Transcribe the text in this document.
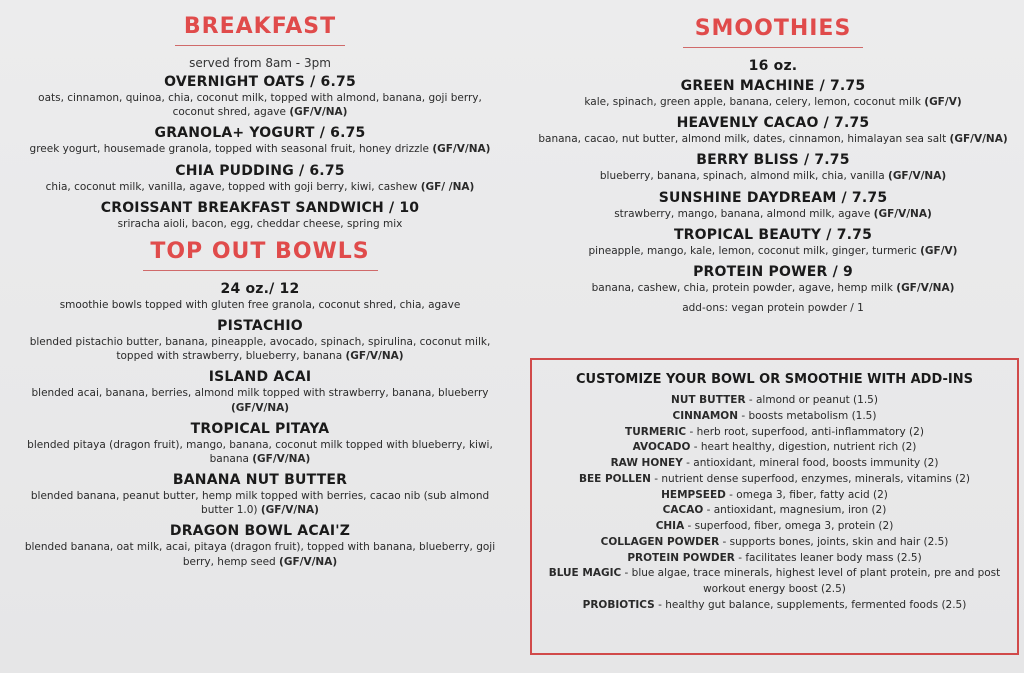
BREAKFAST
served from 8am - 3pm
OVERNIGHT OATS / 6.75
oats, cinnamon, quinoa, chia, coconut milk, topped with almond, banana, goji berry, coconut shred, agave (GF/V/NA)
GRANOLA+ YOGURT / 6.75
greek yogurt, housemade granola, topped with seasonal fruit, honey drizzle (GF/V/NA)
CHIA PUDDING / 6.75
chia, coconut milk, vanilla, agave, topped with goji berry, kiwi, cashew (GF/ /NA)
CROISSANT BREAKFAST SANDWICH / 10
sriracha aioli, bacon, egg, cheddar cheese, spring mix
TOP OUT BOWLS
24 oz./ 12
smoothie bowls topped with gluten free granola, coconut shred, chia, agave
PISTACHIO
blended pistachio butter, banana, pineapple, avocado, spinach, spirulina, coconut milk, topped with strawberry, blueberry, banana (GF/V/NA)
ISLAND ACAI
blended acai, banana, berries, almond milk topped with strawberry, banana, blueberry (GF/V/NA)
TROPICAL PITAYA
blended pitaya (dragon fruit), mango, banana, coconut milk topped with blueberry, kiwi, banana (GF/V/NA)
BANANA NUT BUTTER
blended banana, peanut butter, hemp milk topped with berries, cacao nib (sub almond butter 1.0) (GF/V/NA)
DRAGON BOWL ACAI'Z
blended banana, oat milk, acai, pitaya (dragon fruit), topped with banana, blueberry, goji berry, hemp seed (GF/V/NA)
SMOOTHIES
16 oz.
GREEN MACHINE / 7.75
kale, spinach, green apple, banana, celery, lemon, coconut milk (GF/V)
HEAVENLY CACAO / 7.75
banana, cacao, nut butter, almond milk, dates, cinnamon, himalayan sea salt (GF/V/NA)
BERRY BLISS / 7.75
blueberry, banana, spinach, almond milk, chia, vanilla (GF/V/NA)
SUNSHINE DAYDREAM / 7.75
strawberry, mango, banana, almond milk, agave (GF/V/NA)
TROPICAL BEAUTY / 7.75
pineapple, mango, kale, lemon, coconut milk, ginger, turmeric (GF/V)
PROTEIN POWER / 9
banana, cashew, chia, protein powder, agave, hemp milk (GF/V/NA)
add-ons: vegan protein powder / 1
CUSTOMIZE YOUR BOWL OR SMOOTHIE WITH ADD-INS
NUT BUTTER - almond or peanut (1.5)
CINNAMON - boosts metabolism (1.5)
TURMERIC - herb root, superfood, anti-inflammatory (2)
AVOCADO - heart healthy, digestion, nutrient rich (2)
RAW HONEY - antioxidant, mineral food, boosts immunity (2)
BEE POLLEN - nutrient dense superfood, enzymes, minerals, vitamins (2)
HEMPSEED - omega 3, fiber, fatty acid (2)
CACAO - antioxidant, magnesium, iron (2)
CHIA - superfood, fiber, omega 3, protein (2)
COLLAGEN POWDER - supports bones, joints, skin and hair (2.5)
PROTEIN POWDER - facilitates leaner body mass (2.5)
BLUE MAGIC - blue algae, trace minerals, highest level of plant protein, pre and post workout energy boost (2.5)
PROBIOTICS - healthy gut balance, supplements, fermented foods (2.5)
